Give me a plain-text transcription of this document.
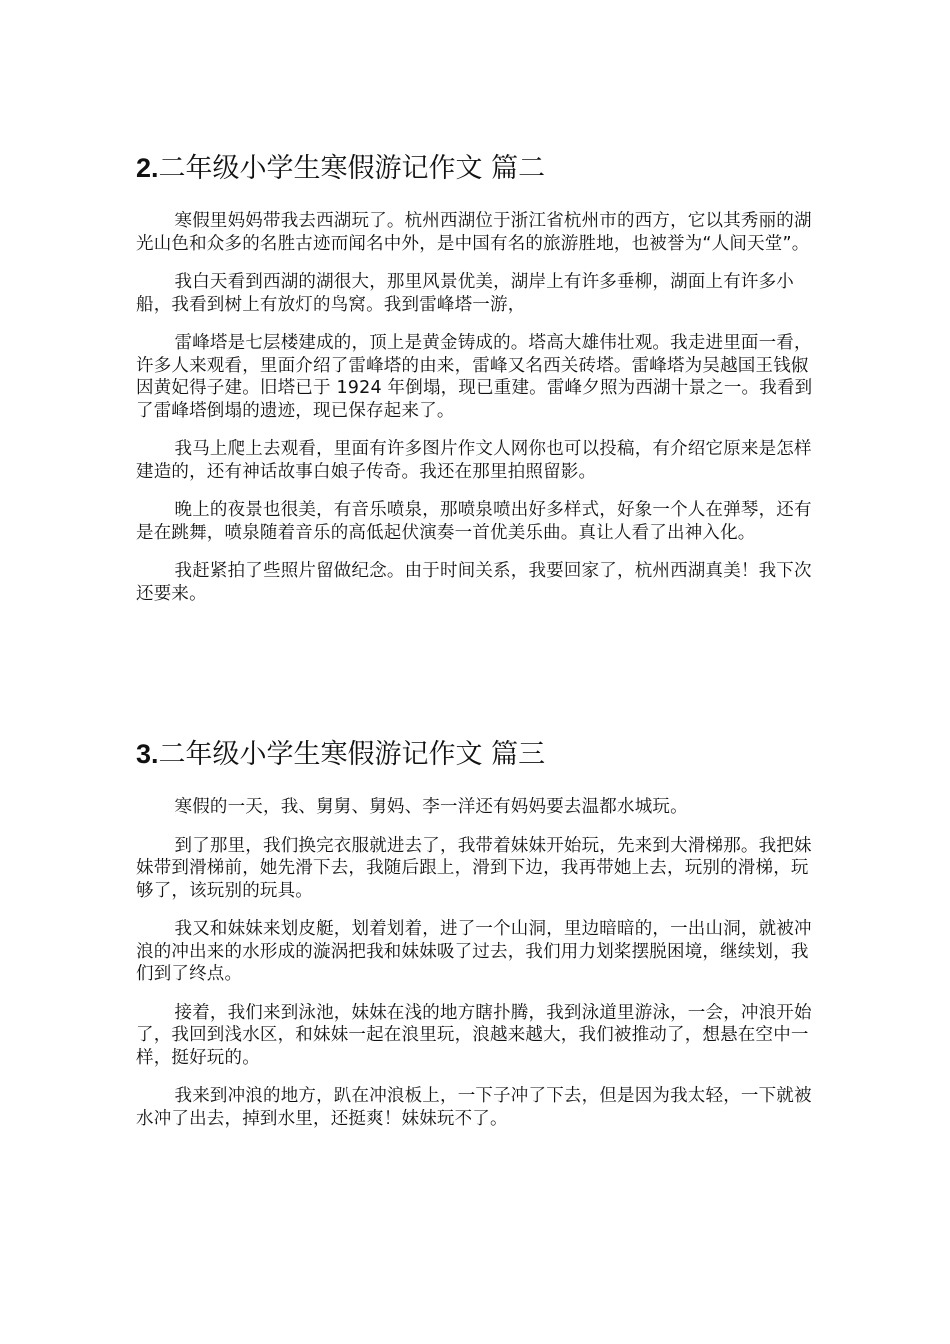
2.二年级小学生寒假游记作文 篇二

寒假里妈妈带我去西湖玩了。杭州西湖位于浙江省杭州市的西方，它以其秀丽的湖光山色和众多的名胜古迹而闻名中外，是中国有名的旅游胜地，也被誉为“人间天堂”。

我白天看到西湖的湖很大，那里风景优美，湖岸上有许多垂柳，湖面上有许多小船，我看到树上有放灯的鸟窝。我到雷峰塔一游，

雷峰塔是七层楼建成的，顶上是黄金铸成的。塔高大雄伟壮观。我走进里面一看，许多人来观看，里面介绍了雷峰塔的由来，雷峰又名西关砖塔。雷峰塔为吴越国王钱俶因黄妃得子建。旧塔已于 1924 年倒塌，现已重建。雷峰夕照为西湖十景之一。我看到了雷峰塔倒塌的遗迹，现已保存起来了。

我马上爬上去观看，里面有许多图片作文人网你也可以投稿，有介绍它原来是怎样建造的，还有神话故事白娘子传奇。我还在那里拍照留影。

晚上的夜景也很美，有音乐喷泉，那喷泉喷出好多样式，好象一个人在弹琴，还有是在跳舞，喷泉随着音乐的高低起伏演奏一首优美乐曲。真让人看了出神入化。

我赶紧拍了些照片留做纪念。由于时间关系，我要回家了，杭州西湖真美！我下次还要来。

3.二年级小学生寒假游记作文 篇三

寒假的一天，我、舅舅、舅妈、李一洋还有妈妈要去温都水城玩。

到了那里，我们换完衣服就进去了，我带着妹妹开始玩，先来到大滑梯那。我把妹妹带到滑梯前，她先滑下去，我随后跟上，滑到下边，我再带她上去，玩别的滑梯，玩够了，该玩别的玩具。

我又和妹妹来划皮艇，划着划着，进了一个山洞，里边暗暗的，一出山洞，就被冲浪的冲出来的水形成的漩涡把我和妹妹吸了过去，我们用力划桨摆脱困境，继续划，我们到了终点。

接着，我们来到泳池，妹妹在浅的地方瞎扑腾，我到泳道里游泳，一会，冲浪开始了，我回到浅水区，和妹妹一起在浪里玩，浪越来越大，我们被推动了，想悬在空中一样，挺好玩的。

我来到冲浪的地方，趴在冲浪板上，一下子冲了下去，但是因为我太轻，一下就被水冲了出去，掉到水里，还挺爽！妹妹玩不了。
